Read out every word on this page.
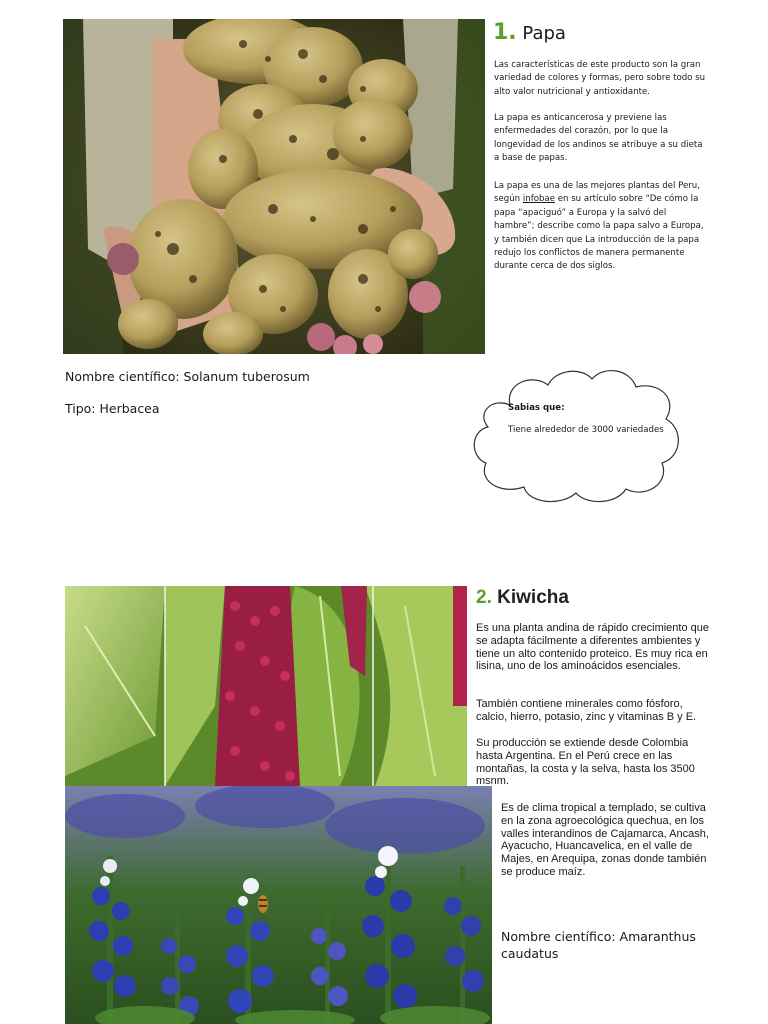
1. Papa

Las características de este producto son la gran variedad de colores y formas, pero sobre todo su alto valor nutricional y antioxidante.

La papa es anticancerosa y previene las enfermedades del corazón, por lo que la longevidad de los andinos se atribuye a su dieta a base de papas.

La papa es una de las mejores plantas del Peru, según infobae en su artículo sobre “De cómo la papa “apaciguó” a Europa y la salvó del hambre”; describe como la papa salvo a Europa, y también dicen que La introducción de la papa redujo los conflictos de manera permanente durante cerca de dos siglos.

Nombre científico: Solanum tuberosum
Tipo: Herbacea	Sabias que:
Tiene alrededor de 3000 variedades
2. Kiwicha

Es una planta andina de rápido crecimiento que se adapta fácilmente a diferentes ambientes y tiene un alto contenido proteico. Es muy rica en lisina, uno de los aminoácidos esenciales.

También contiene minerales como fósforo, calcio, hierro, potasio, zinc y vitaminas B y E.

Su producción se extiende desde Colombia hasta Argentina. En el Perú crece en las montañas, la costa y la selva, hasta los 3500 msnm.

Es de clima tropical a templado, se cultiva en la zona agroecológica quechua, en los valles interandinos de Cajamarca, Ancash, Ayacucho, Huancavelica, en el valle de Majes, en Arequipa, zonas donde también se produce maíz.

Nombre científico: Amaranthus caudatus
